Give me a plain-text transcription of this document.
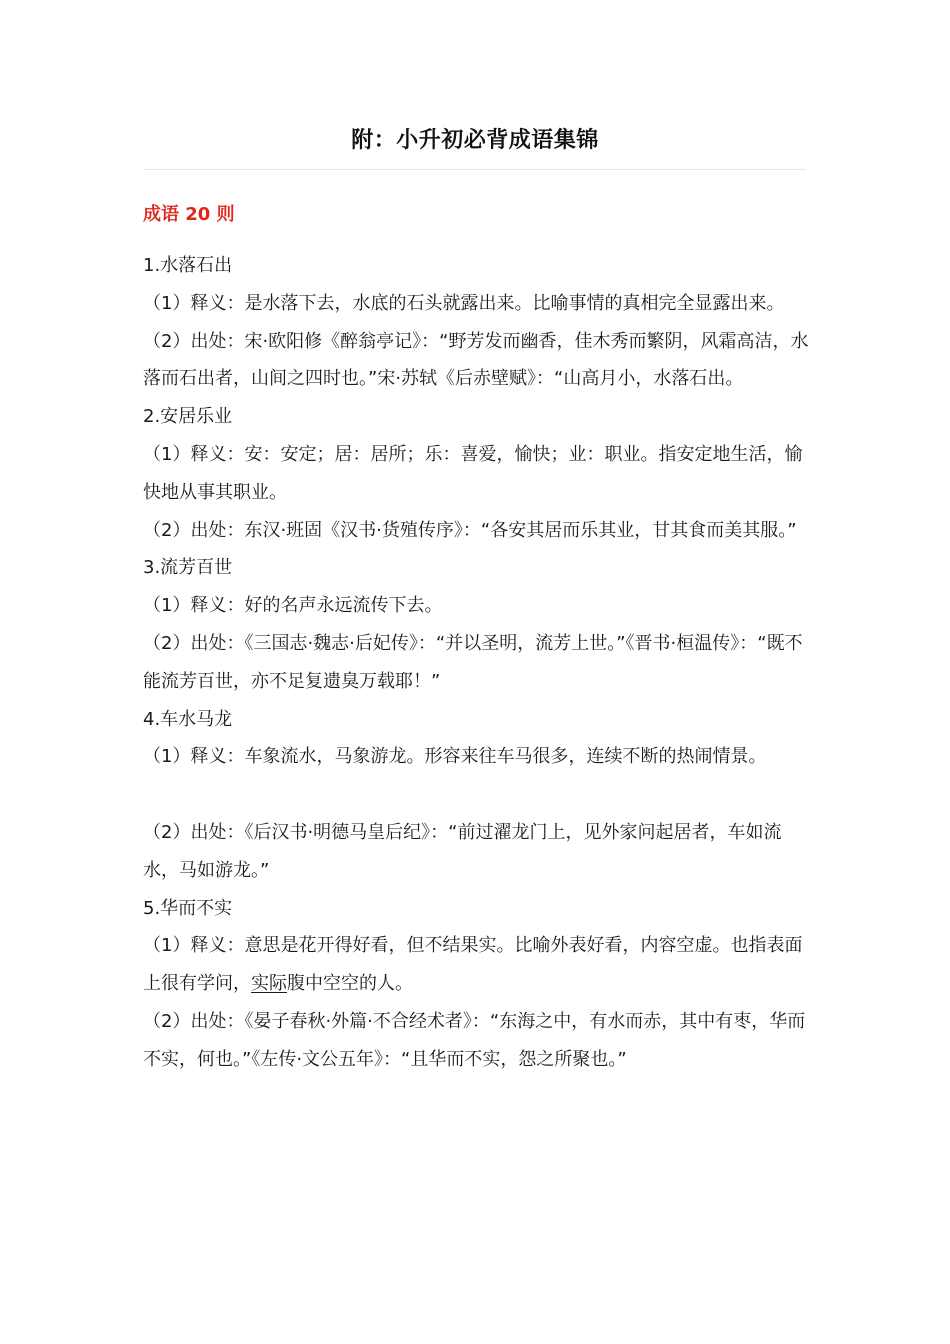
附：小升初必背成语集锦
成语 20 则

1.水落石出

（1）释义：是水落下去，水底的石头就露出来。比喻事情的真相完全显露出来。

（2）出处：宋·欧阳修《醉翁亭记》：“野芳发而幽香，佳木秀而繁阴，风霜高洁，水落而石出者，山间之四时也。”宋·苏轼《后赤壁赋》：“山高月小，水落石出。

2.安居乐业

（1）释义：安：安定；居：居所；乐：喜爱，愉快；业：职业。指安定地生活，愉快地从事其职业。

（2）出处：东汉·班固《汉书·货殖传序》：“各安其居而乐其业，甘其食而美其服。”

3.流芳百世

（1）释义：好的名声永远流传下去。

（2）出处：《三国志·魏志·后妃传》：“并以圣明，流芳上世。”《晋书·桓温传》：“既不能流芳百世，亦不足复遗臭万载耶！”

4.车水马龙

（1）释义：车象流水，马象游龙。形容来往车马很多，连续不断的热闹情景。

（2）出处：《后汉书·明德马皇后纪》：“前过濯龙门上，见外家问起居者，车如流水，马如游龙。”

5.华而不实

（1）释义：意思是花开得好看，但不结果实。比喻外表好看，内容空虚。也指表面上很有学问，实际腹中空空的人。

（2）出处：《晏子春秋·外篇·不合经术者》：“东海之中，有水而赤，其中有枣，华而不实，何也。”《左传·文公五年》：“且华而不实，怨之所聚也。”
